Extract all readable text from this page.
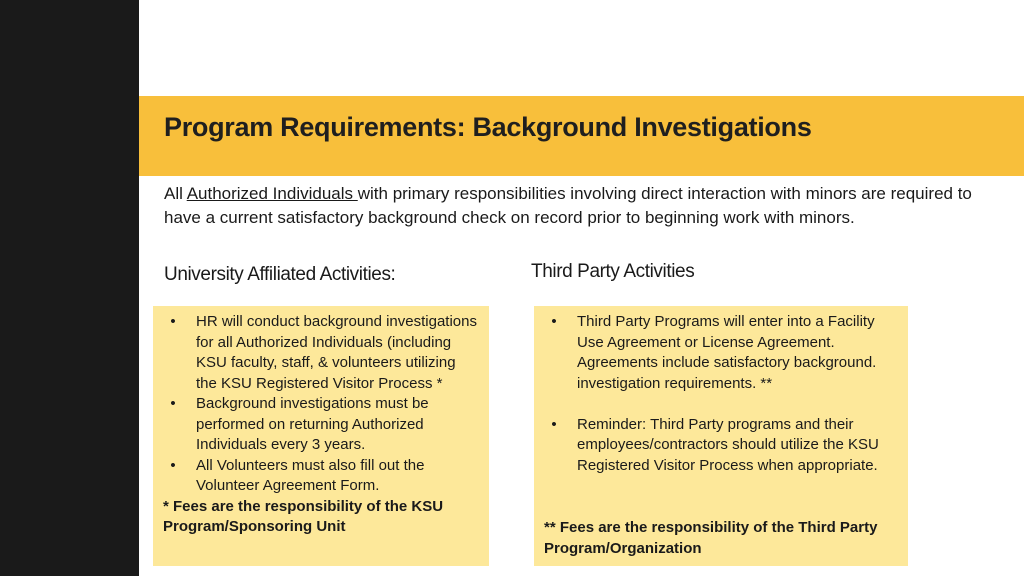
Program Requirements: Background Investigations
All Authorized Individuals with primary responsibilities involving direct interaction with minors are required to have a current satisfactory background check on record prior to beginning work with minors.
University Affiliated Activities:	Third Party Activities
•	HR will conduct background investigations for all Authorized Individuals (including KSU faculty, staff, & volunteers utilizing the KSU Registered Visitor Process *
•	Background investigations must be performed on returning Authorized Individuals every 3 years.
•	All Volunteers must also fill out the Volunteer Agreement Form.
* Fees are the responsibility of the KSU Program/Sponsoring Unit
•	Third Party Programs will enter into a Facility Use Agreement or License Agreement. Agreements include satisfactory background. investigation requirements. **
•	Reminder: Third Party programs and their employees/contractors should utilize the KSU Registered Visitor Process when appropriate.
** Fees are the responsibility of the Third Party Program/Organization
